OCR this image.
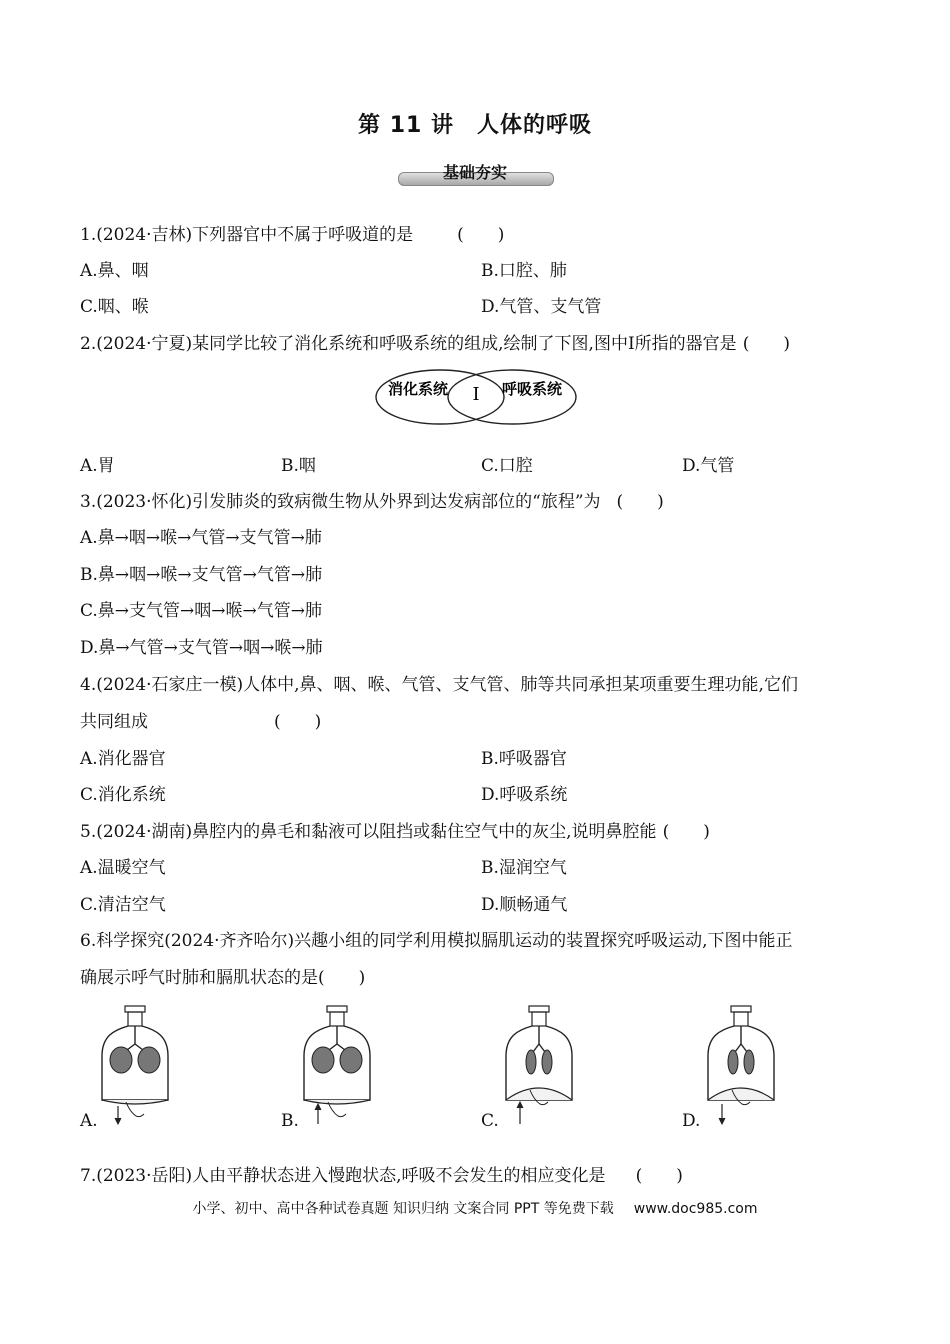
第 11 讲　人体的呼吸
基础夯实
1.(2024·吉林)下列器官中不属于呼吸道的是	(　　)
A.鼻、咽	B.口腔、肺
C.咽、喉	D.气管、支气管
2.(2024·宁夏)某同学比较了消化系统和呼吸系统的组成,绘制了下图,图中Ⅰ所指的器官是 (　　)
消化系统 I 呼吸系统
A.胃	B.咽	C.口腔	D.气管
3.(2023·怀化)引发肺炎的致病微生物从外界到达发病部位的“旅程”为 (　　)
A.鼻→咽→喉→气管→支气管→肺
B.鼻→咽→喉→支气管→气管→肺
C.鼻→支气管→咽→喉→气管→肺
D.鼻→气管→支气管→咽→喉→肺
4.(2024·石家庄一模)人体中,鼻、咽、喉、气管、支气管、肺等共同承担某项重要生理功能,它们
共同组成	(　　)
A.消化器官	B.呼吸器官
C.消化系统	D.呼吸系统
5.(2024·湖南)鼻腔内的鼻毛和黏液可以阻挡或黏住空气中的灰尘,说明鼻腔能 (　　)
A.温暖空气	B.湿润空气
C.清洁空气	D.顺畅通气
6.科学探究(2024·齐齐哈尔)兴趣小组的同学利用模拟膈肌运动的装置探究呼吸运动,下图中能正
确展示呼气时肺和膈肌状态的是(　　)
A.	B.	C.	D.
7.(2023·岳阳)人由平静状态进入慢跑状态,呼吸不会发生的相应变化是 (　　)
小学、初中、高中各种试卷真题 知识归纳 文案合同 PPT 等免费下载 www.doc985.com
